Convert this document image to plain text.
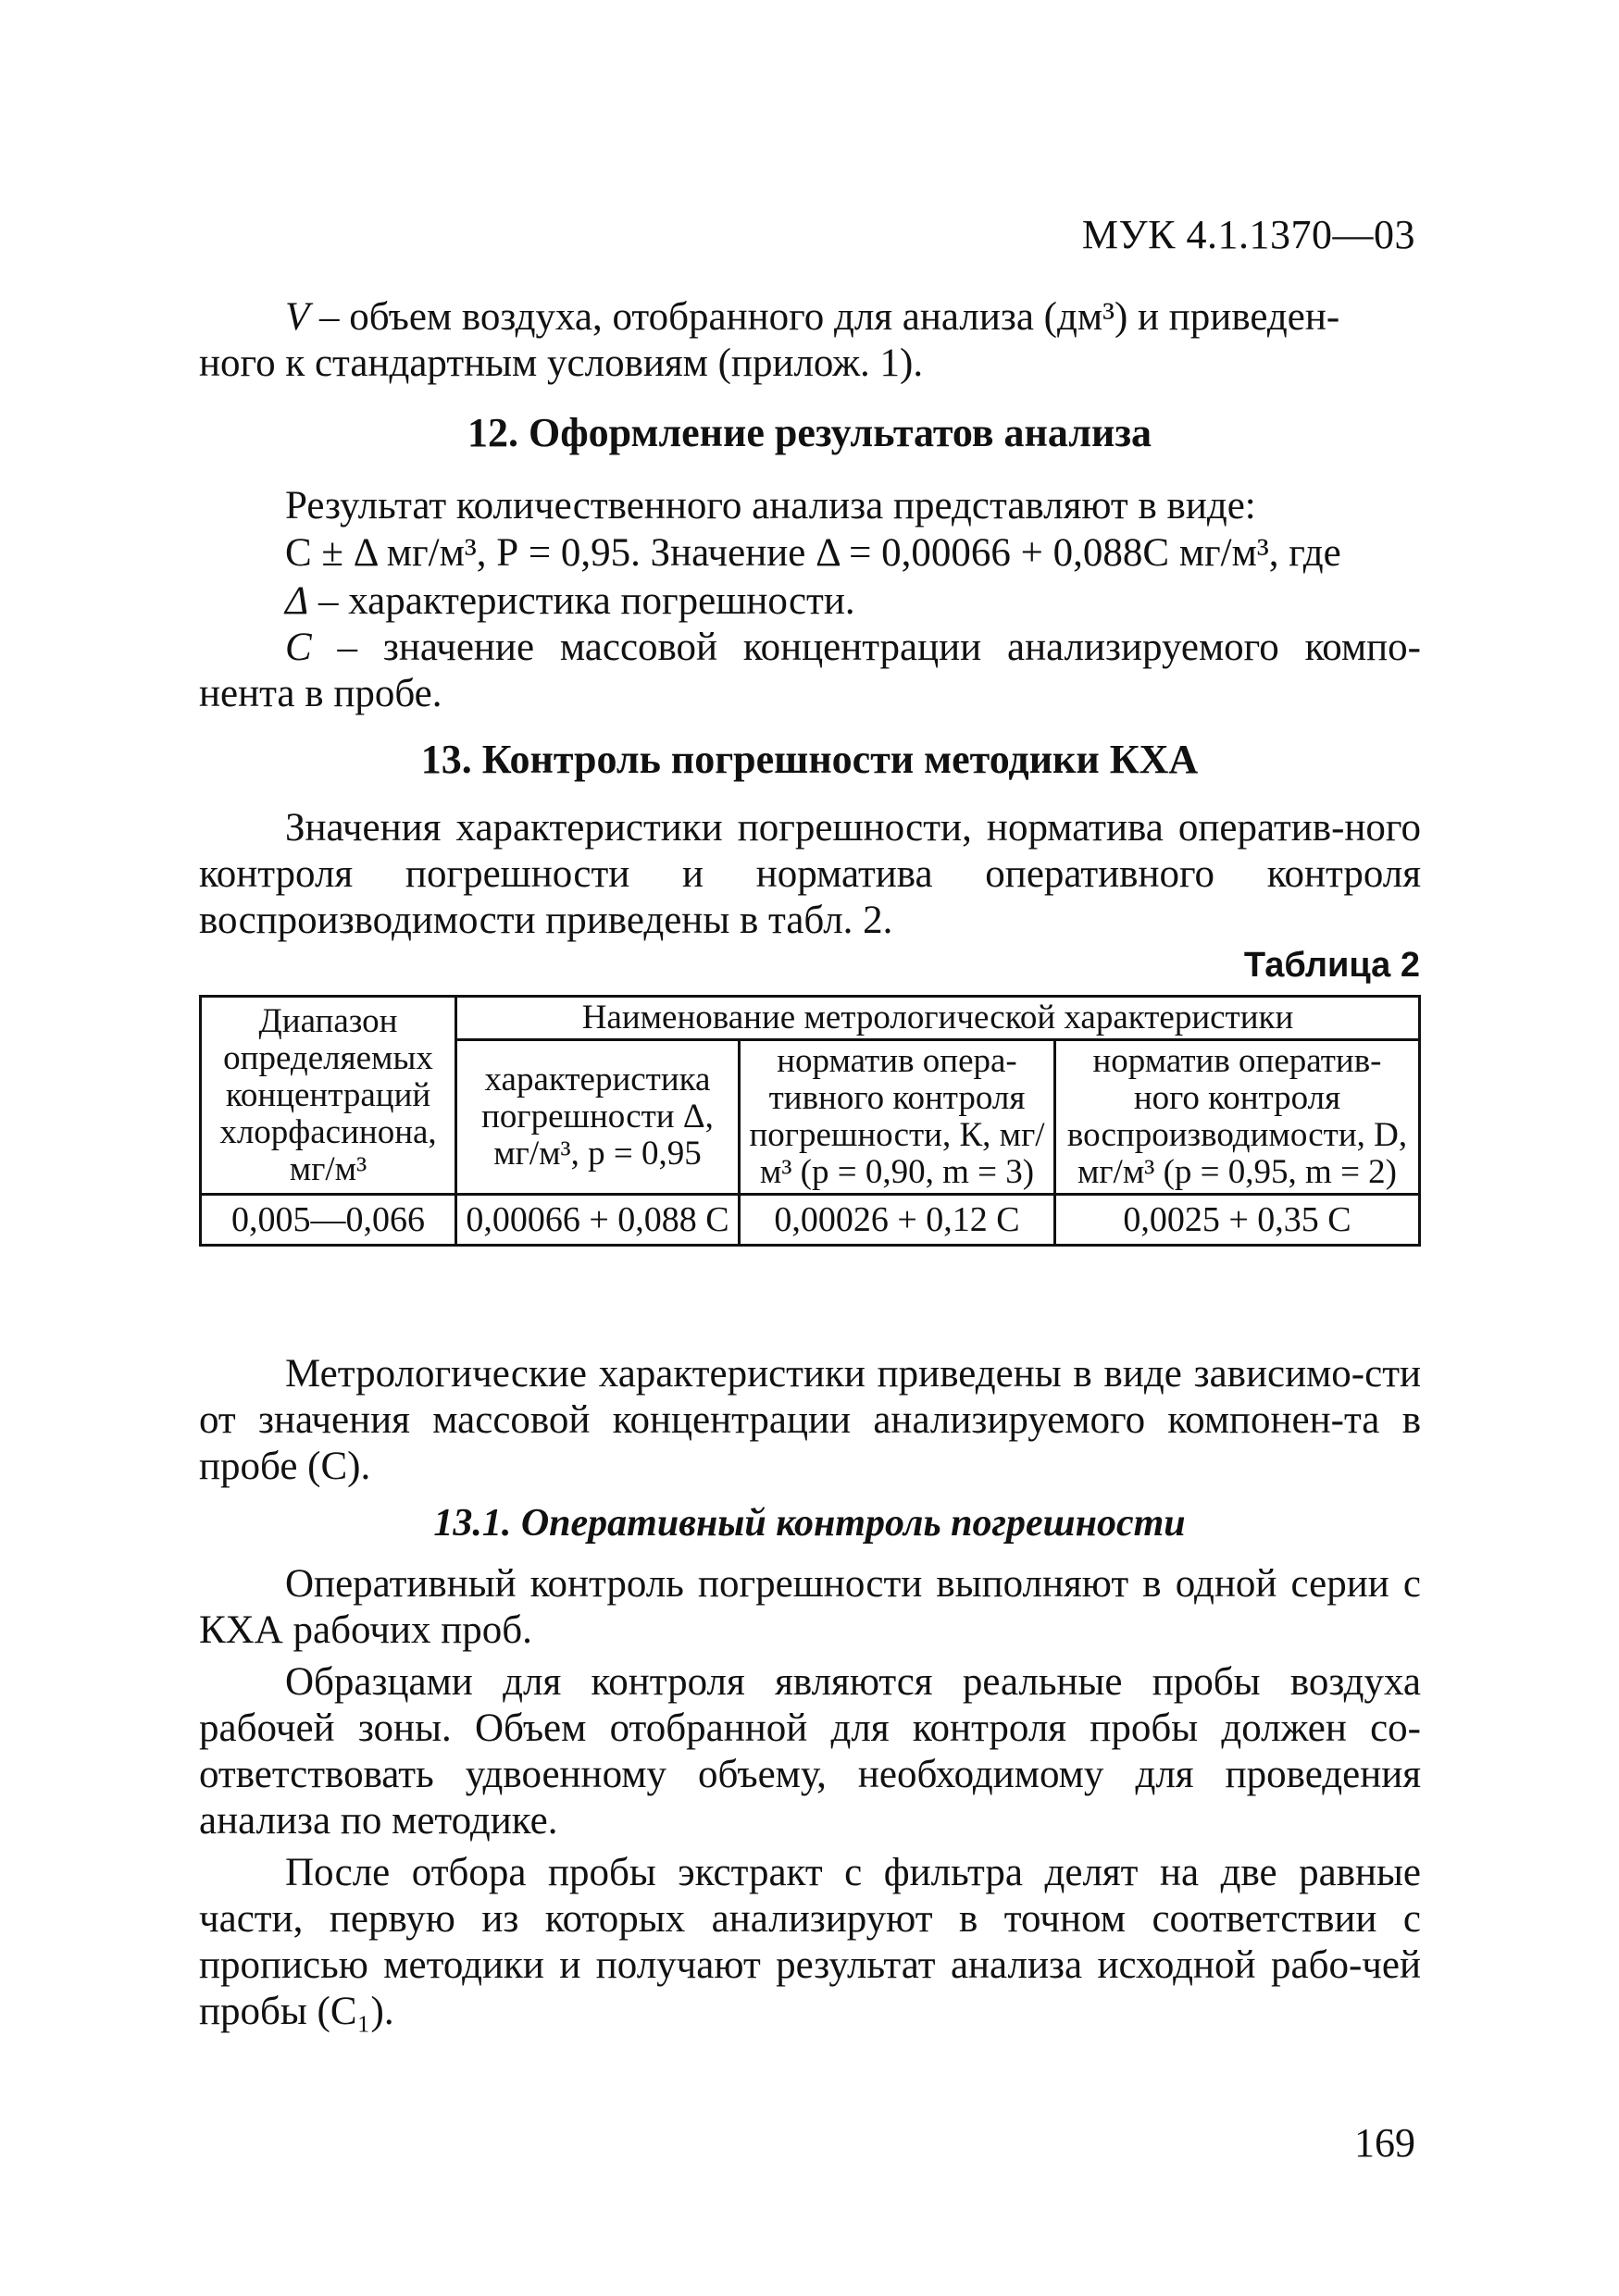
МУК 4.1.1370—03

V – объем воздуха, отобранного для анализа (дм³) и приведен-

ного к стандартным условиям (прилож. 1).

12. Оформление результатов анализа
Результат количественного анализа представляют в виде:
С ± Δ мг/м³, Р = 0,95. Значение Δ = 0,00066 + 0,088С мг/м³, где
Δ – характеристика погрешности.

С – значение массовой концентрации анализируемого компо-нента в пробе.

13. Контроль погрешности методики КХА

Значения характеристики погрешности, норматива оператив-ного контроля погрешности и норматива оперативного контроля воспроизводимости приведены в табл. 2.

Таблица 2
Диапазон определяемых концентраций хлорфасинона, мг/м³	Наименование метрологической характеристики		
	характеристика погрешности Δ, мг/м³, р = 0,95	норматив опера-тивного контроля погрешности, К, мг/м³ (р = 0,90, m = 3)	норматив оператив-ного контроля воспроизводимости, D, мг/м³ (р = 0,95, m = 2)
0,005—0,066	0,00066 + 0,088 С	0,00026 + 0,12 С	0,0025 + 0,35 С

Метрологические характеристики приведены в виде зависимо-сти от значения массовой концентрации анализируемого компонен-та в пробе (С).

13.1. Оперативный контроль погрешности

Оперативный контроль погрешности выполняют в одной серии с КХА рабочих проб.

Образцами для контроля являются реальные пробы воздуха рабочей зоны. Объем отобранной для контроля пробы должен со-ответствовать удвоенному объему, необходимому для проведения анализа по методике.

После отбора пробы экстракт с фильтра делят на две равные части, первую из которых анализируют в точном соответствии с прописью методики и получают результат анализа исходной рабо-чей пробы (С₁).

169
